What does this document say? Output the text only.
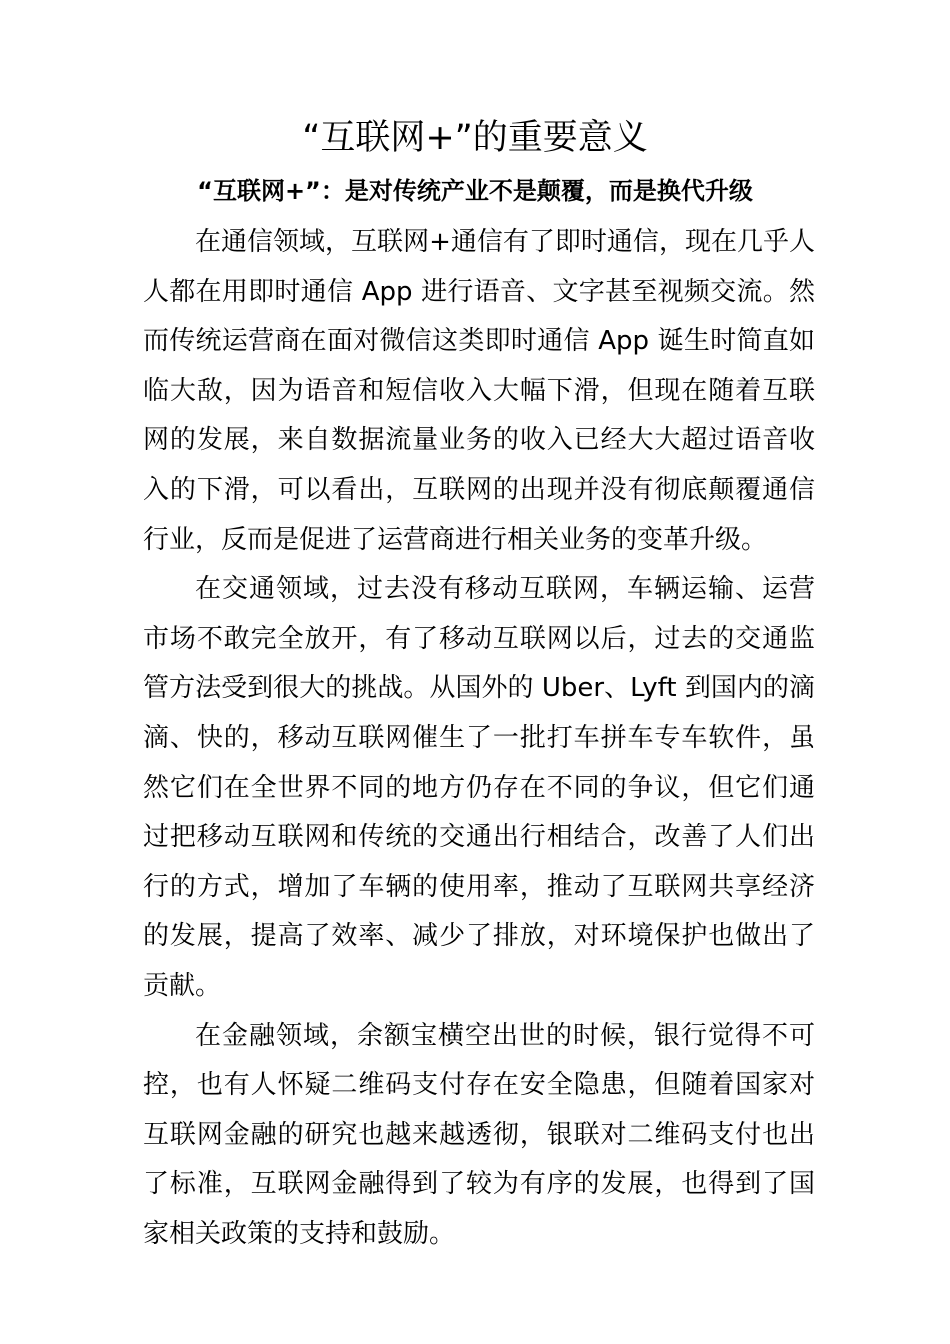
“互联网+”的重要意义
“互联网+”：是对传统产业不是颠覆，而是换代升级

在通信领域，互联网+通信有了即时通信，现在几乎人人都在用即时通信 App 进行语音、文字甚至视频交流。然而传统运营商在面对微信这类即时通信 App 诞生时简直如临大敌，因为语音和短信收入大幅下滑，但现在随着互联网的发展，来自数据流量业务的收入已经大大超过语音收入的下滑，可以看出，互联网的出现并没有彻底颠覆通信行业，反而是促进了运营商进行相关业务的变革升级。

在交通领域，过去没有移动互联网，车辆运输、运营市场不敢完全放开，有了移动互联网以后，过去的交通监管方法受到很大的挑战。从国外的 Uber、Lyft 到国内的滴滴、快的，移动互联网催生了一批打车拼车专车软件，虽然它们在全世界不同的地方仍存在不同的争议，但它们通过把移动互联网和传统的交通出行相结合，改善了人们出行的方式，增加了车辆的使用率，推动了互联网共享经济的发展，提高了效率、减少了排放，对环境保护也做出了贡献。

在金融领域，余额宝横空出世的时候，银行觉得不可控，也有人怀疑二维码支付存在安全隐患，但随着国家对互联网金融的研究也越来越透彻，银联对二维码支付也出了标准，互联网金融得到了较为有序的发展，也得到了国家相关政策的支持和鼓励。
